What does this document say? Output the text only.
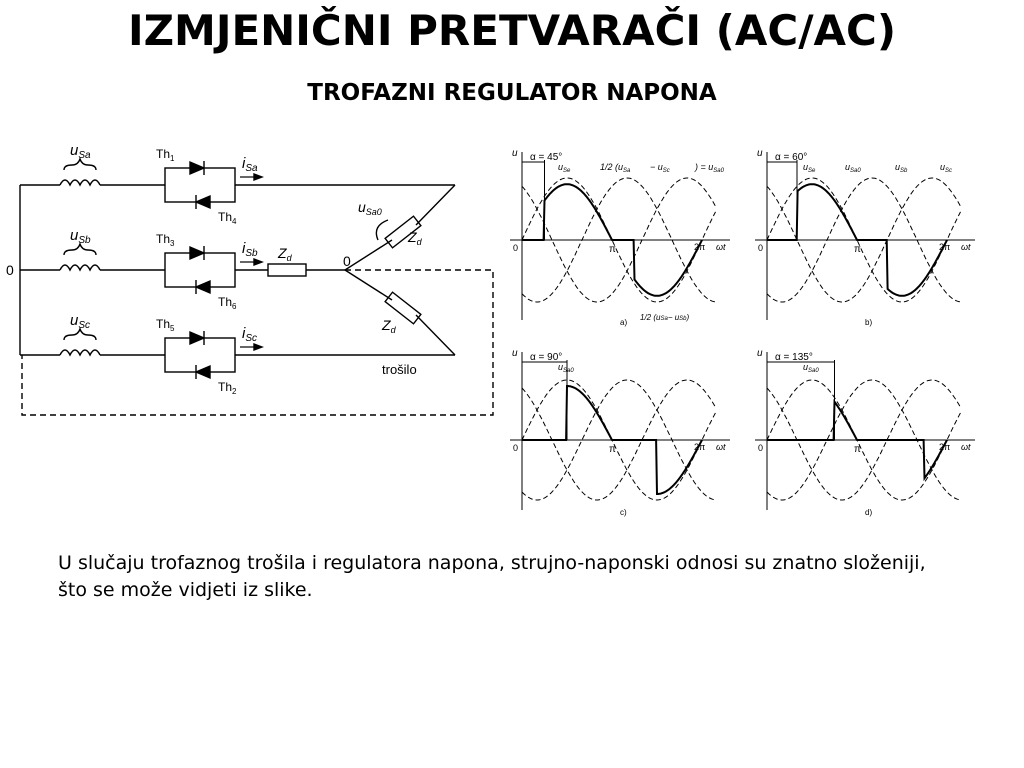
IZMJENIČNI PRETVARAČI (AC/AC)
TROFAZNI REGULATOR NAPONA
0
0
$u_{Sa}$
$u_{Sb}$
$u_{Sc}$
$Th_1$
$Th_4$
$Th_3$
$Th_6$
$Th_5$
$Th_2$
$i_{Sa}$
$i_{Sb}$
$i_{Sc}$
$Z_d$
$Z_d$
$Z_d$
$u_{Sa0}$
trošilo
u
0	π	2π ωt
α = 45°
a)
$u_{Se}$	1/2 ($u_{Sa} - u_{Sc}$	) = $u_{Sa0}$
1/2 (uSa− uSb)
u
0	π	2π ωt
α = 60°
b)
$u_{Se}$	$u_{Sa0}$	$u_{Sb}$	$u_{Sc}$
u
0	π	2π ωt
α = 90°
c)
$u_{Sa0}$
u
0	π	2π ωt
α = 135°
d)
$u_{Sa0}$
U slučaju trofaznog trošila i regulatora napona, strujno-naponski odnosi su znatno složeniji, što se može vidjeti iz slike.
